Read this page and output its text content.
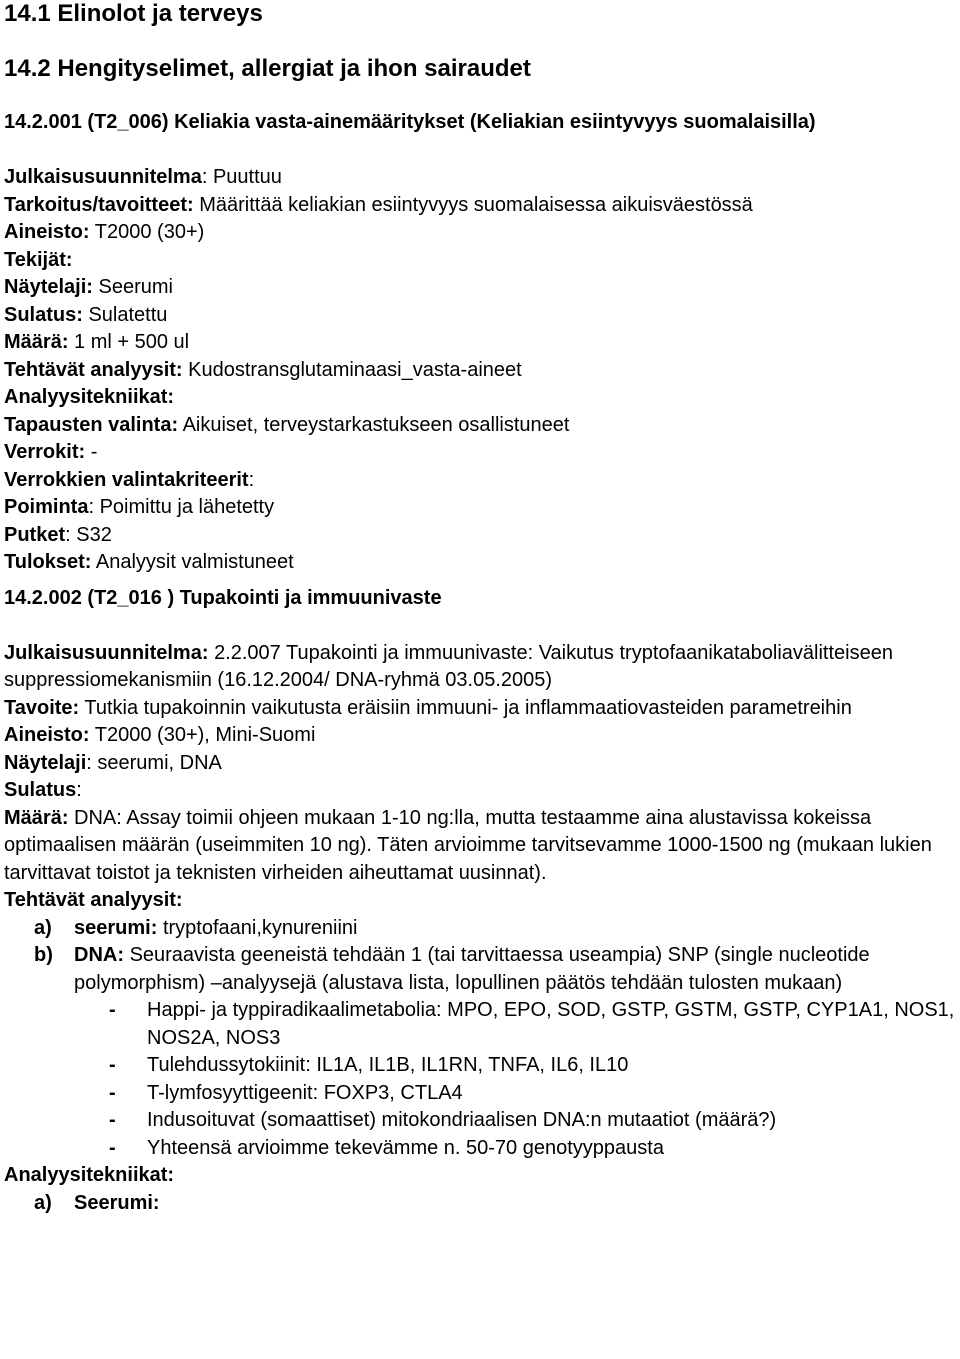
14.1 Elinolot ja terveys
14.2 Hengityselimet, allergiat ja ihon sairaudet
14.2.001 (T2_006) Keliakia vasta-ainemääritykset (Keliakian esiintyvyys suomalaisilla)
Julkaisusuunnitelma: Puuttuu
Tarkoitus/tavoitteet: Määrittää keliakian esiintyvyys suomalaisessa aikuisväestössä
Aineisto: T2000 (30+)
Tekijät:
Näytelaji: Seerumi
Sulatus: Sulatettu
Määrä: 1 ml + 500 ul
Tehtävät analyysit: Kudostransglutaminaasi_vasta-aineet
Analyysitekniikat:
Tapausten valinta: Aikuiset, terveystarkastukseen osallistuneet
Verrokit: -
Verrokkien valintakriteerit:
Poiminta: Poimittu ja lähetetty
Putket: S32
Tulokset: Analyysit valmistuneet
14.2.002 (T2_016 ) Tupakointi ja immuunivaste
Julkaisusuunnitelma: 2.2.007 Tupakointi ja immuunivaste: Vaikutus tryptofaanikataboliavälitteiseen suppressiomekanismiin (16.12.2004/ DNA-ryhmä 03.05.2005)
Tavoite: Tutkia tupakoinnin vaikutusta eräisiin immuuni- ja inflammaatiovasteiden parametreihin
Aineisto: T2000 (30+), Mini-Suomi
Näytelaji: seerumi, DNA
Sulatus:
Määrä: DNA: Assay toimii ohjeen mukaan 1-10 ng:lla, mutta testaamme aina alustavissa kokeissa optimaalisen määrän (useimmiten 10 ng). Täten arvioimme tarvitsevamme 1000-1500 ng (mukaan lukien tarvittavat toistot ja teknisten virheiden aiheuttamat uusinnat).
Tehtävät analyysit:
a) seerumi: tryptofaani,kynureniini
b) DNA: Seuraavista geeneistä tehdään 1 (tai tarvittaessa useampia) SNP (single nucleotide polymorphism) –analyysejä (alustava lista, lopullinen päätös tehdään tulosten mukaan)
- Happi- ja typpiradikaalimetabolia: MPO, EPO, SOD, GSTP, GSTM, GSTP, CYP1A1, NOS1, NOS2A, NOS3
- Tulehdussytokiinit: IL1A, IL1B, IL1RN, TNFA, IL6, IL10
- T-lymfosyyttigeenit: FOXP3, CTLA4
- Indusoituvat (somaattiset) mitokondriaalisen DNA:n mutaatiot (määrä?)
- Yhteensä arvioimme tekevämme n. 50-70 genotyyppausta
Analyysitekniikat:
a) Seerumi:
